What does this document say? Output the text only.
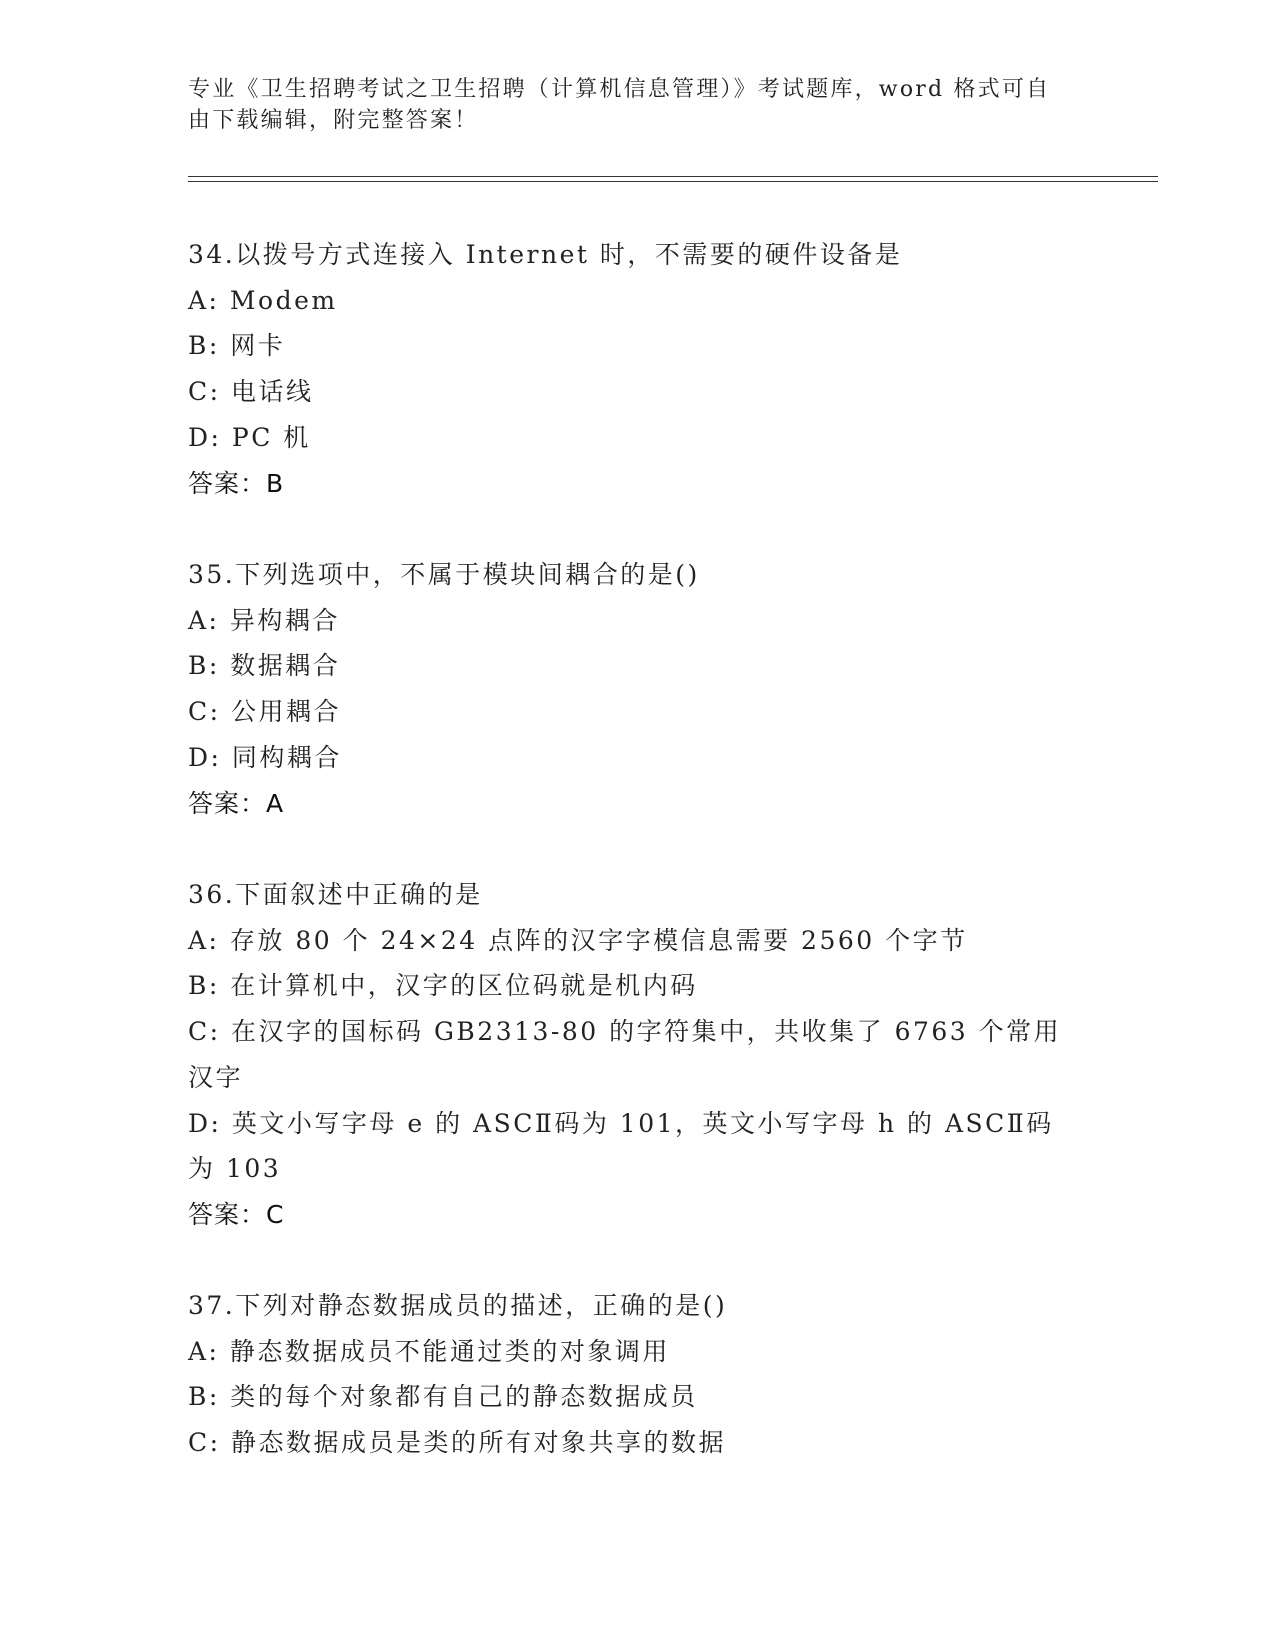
专业《卫生招聘考试之卫生招聘（计算机信息管理）》考试题库，word 格式可自由下载编辑，附完整答案！
34.以拨号方式连接入 Internet 时，不需要的硬件设备是
A: Modem
B: 网卡
C: 电话线
D: PC 机
答案：B
35.下列选项中，不属于模块间耦合的是()
A: 异构耦合
B: 数据耦合
C: 公用耦合
D: 同构耦合
答案：A
36.下面叙述中正确的是
A: 存放 80 个 24×24 点阵的汉字字模信息需要 2560 个字节
B: 在计算机中，汉字的区位码就是机内码
C: 在汉字的国标码 GB2313-80 的字符集中，共收集了 6763 个常用汉字
D: 英文小写字母 e 的 ASCⅡ码为 101，英文小写字母 h 的 ASCⅡ码为 103
答案：C
37.下列对静态数据成员的描述，正确的是()
A: 静态数据成员不能通过类的对象调用
B: 类的每个对象都有自己的静态数据成员
C: 静态数据成员是类的所有对象共享的数据
